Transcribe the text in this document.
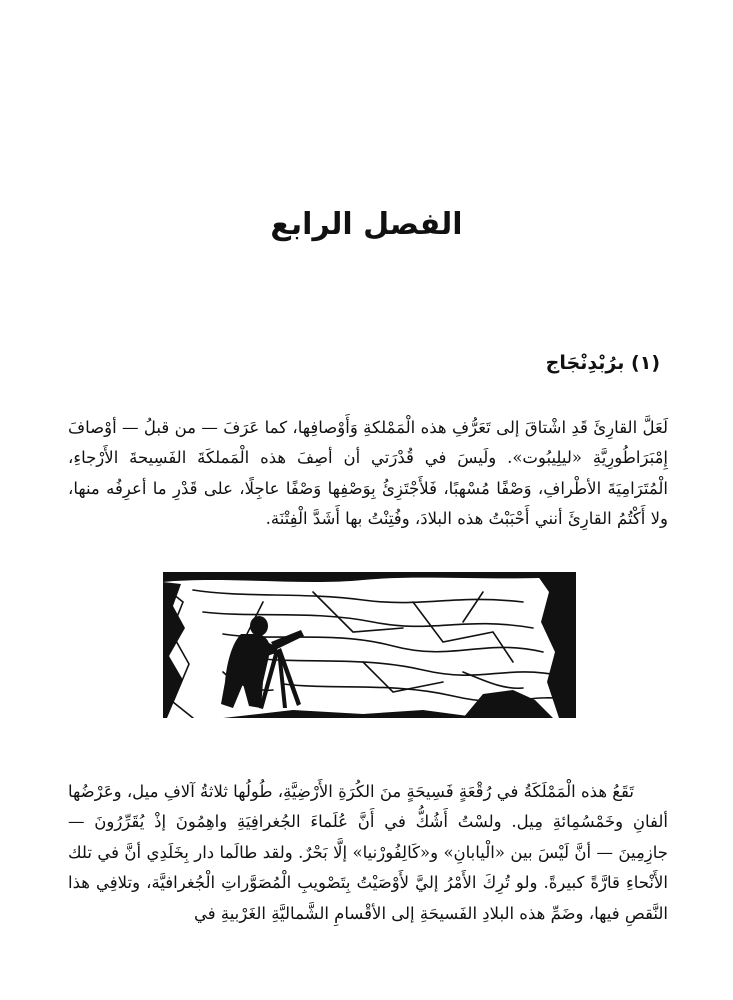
الفصل الرابع
(١) برُبْدِنْجَاج

لَعَلَّ القارِئَ قَدِ اشْتاقَ إلى تَعَرُّفِ هذه الْمَمْلكةِ وَأَوْصافِها، كما عَرَفَ — من قبلُ — أوْصافَ إِمْبَرَاطُورِيَّةِ «ليلِيبُوت». ولَيسَ في قُدْرَتي أن أصِفَ هذه الْمَملكَةَ الفَسِيحةَ الأَرْجاءِ، الْمُتَرَامِيَةَ الأطْرافِ، وَصْفًا مُسْهبًا، فَلأَجْتَزِئُ بِوَصْفِها وَصْفًا عاجِلًا، على قَدْرِ ما أعرِفُه منها، ولا أَكْتُمُ القارِئَ أنني أَحْبَبْتُ هذه البلادَ، وفُتِنْتُ بها أَشَدَّ الْفِتْنَة.

تَقَعُ هذه الْمَمْلَكَةُ في رُقْعَةٍ فَسِيحَةٍ منَ الكُرَةِ الأَرْضِيَّةِ، طُولُها ثلاثةُ آلافِ ميل، وعَرْضُها ألفانِ وخَمْسُمِائةِ مِيل. ولسْتُ أَشُكُّ في أَنَّ عُلَماءَ الجُغرافِيَةِ واهِمُونَ إذْ يُقَرِّرُونَ — جازِمِينَ — أنَّ لَيْسَ بين «الْيابانِ» و«كَالِفُورْنيا» إلَّا بَحْرٌ. ولقد طالَما دار بِخَلَدِي أنَّ في تلك الأَنْحاءِ قارَّةً كبيرةً. ولو تُرِكَ الأَمْرُ إليَّ لأَوْصَيْتُ بِتَصْويبِ الْمُصَوَّراتِ الْجُغرافيَّة، وتلافِي هذا النَّقصِ فيها، وضَمِّ هذه البلادِ الفَسيحَةِ إلى الأقْسامِ الشَّماليَّةِ الغَرْبيةِ في
